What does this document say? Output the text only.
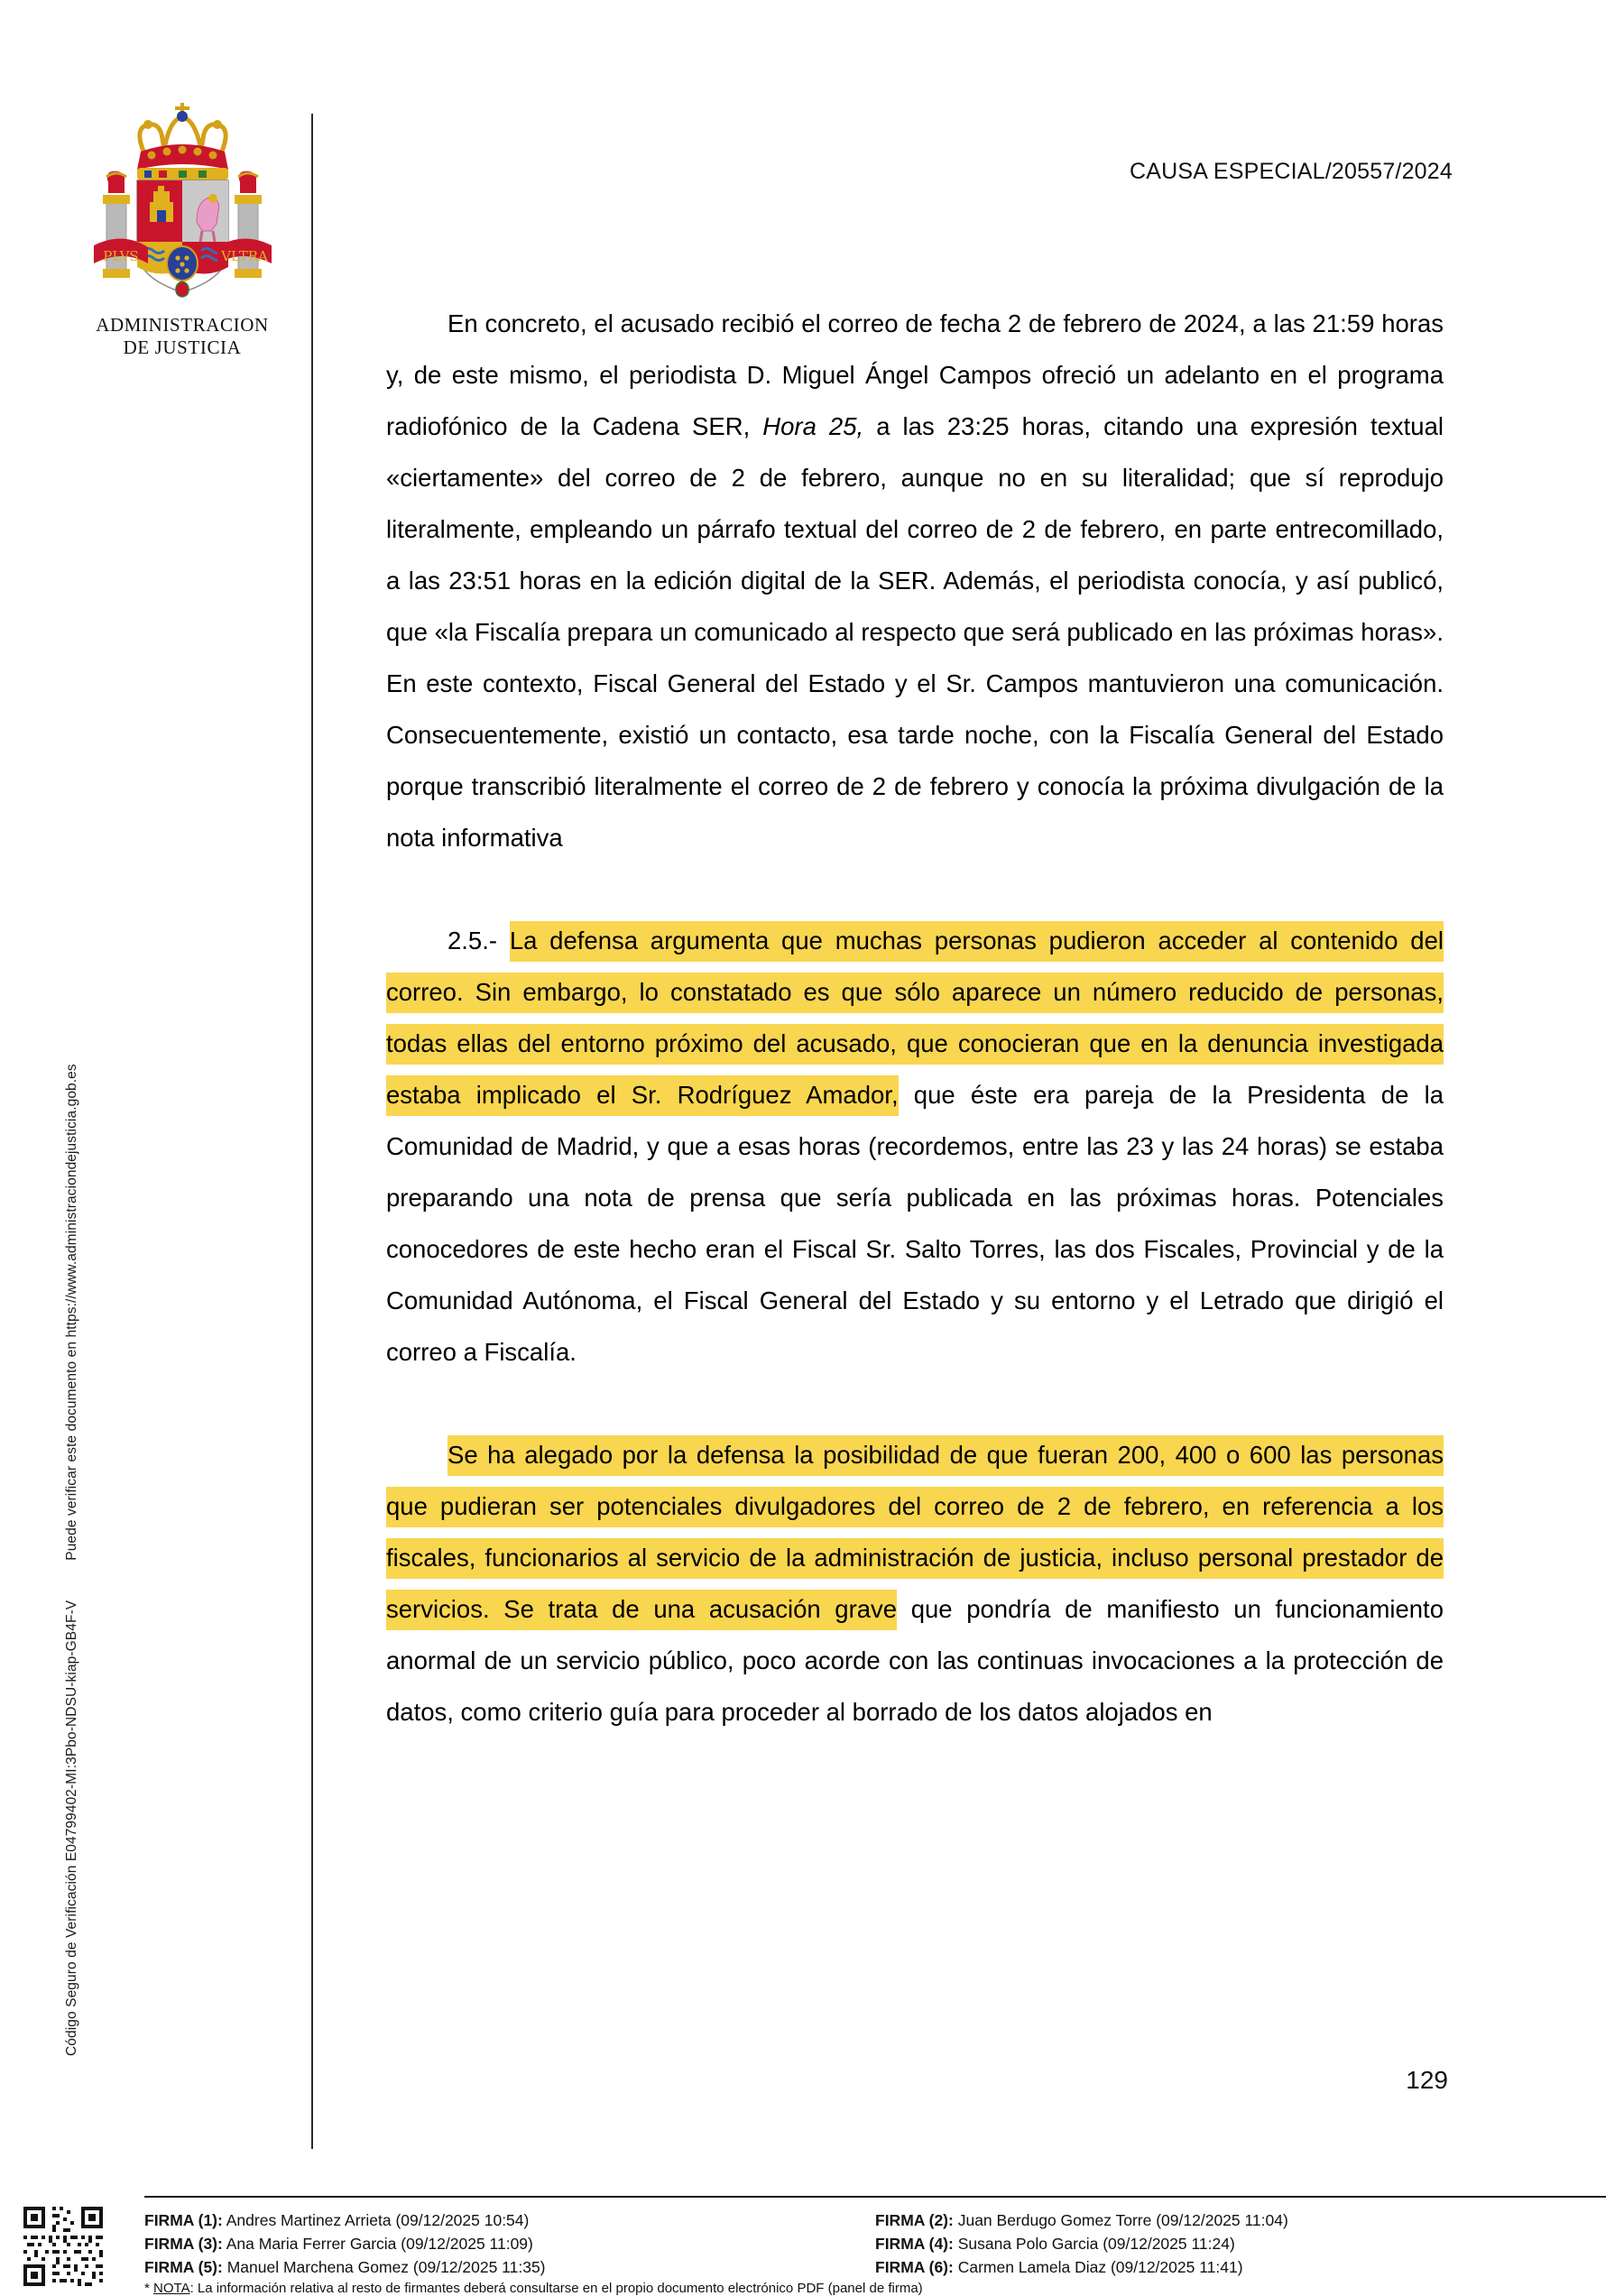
Código Seguro de Verificación E04799402-MI:3Pbo-NDSU-kiap-GB4F-VPuede verificar este documento en https://www.administraciondejusticia.gob.es
PLVS	VLTRA
ADMINISTRACION
DE JUSTICIA
CAUSA ESPECIAL/20557/2024

En concreto, el acusado recibió el correo de fecha 2 de febrero de 2024, a las 21:59 horas y, de este mismo, el periodista D. Miguel Ángel Campos ofreció un adelanto en el programa radiofónico de la Cadena SER, Hora 25, a las 23:25 horas, citando una expresión textual «ciertamente» del correo de 2 de febrero, aunque no en su literalidad; que sí reprodujo literalmente, empleando un párrafo textual del correo de 2 de febrero, en parte entrecomillado, a las 23:51 horas en la edición digital de la SER. Además, el periodista conocía, y así publicó, que «la Fiscalía prepara un comunicado al respecto que será publicado en las próximas horas». En este contexto, Fiscal General del Estado y el Sr. Campos mantuvieron una comunicación. Consecuentemente, existió un contacto, esa tarde noche, con la Fiscalía General del Estado porque transcribió literalmente el correo de 2 de febrero y conocía la próxima divulgación de la nota informativa

2.5.- La defensa argumenta que muchas personas pudieron acceder al contenido del correo. Sin embargo, lo constatado es que sólo aparece un número reducido de personas, todas ellas del entorno próximo del acusado, que conocieran que en la denuncia investigada estaba implicado el Sr. Rodríguez Amador, que éste era pareja de la Presidenta de la Comunidad de Madrid, y que a esas horas (recordemos, entre las 23 y las 24 horas) se estaba preparando una nota de prensa que sería publicada en las próximas horas. Potenciales conocedores de este hecho eran el Fiscal Sr. Salto Torres, las dos Fiscales, Provincial y de la Comunidad Autónoma, el Fiscal General del Estado y su entorno y el Letrado que dirigió el correo a Fiscalía.

Se ha alegado por la defensa la posibilidad de que fueran 200, 400 o 600 las personas que pudieran ser potenciales divulgadores del correo de 2 de febrero, en referencia a los fiscales, funcionarios al servicio de la administración de justicia, incluso personal prestador de servicios. Se trata de una acusación grave que pondría de manifiesto un funcionamiento anormal de un servicio público, poco acorde con las continuas invocaciones a la protección de datos, como criterio guía para proceder al borrado de los datos alojados en

129
FIRMA (1): Andres Martinez Arrieta (09/12/2025 10:54)
FIRMA (3): Ana Maria Ferrer Garcia (09/12/2025 11:09)
FIRMA (5): Manuel Marchena Gomez (09/12/2025 11:35)
FIRMA (2): Juan Berdugo Gomez Torre (09/12/2025 11:04)
FIRMA (4): Susana Polo Garcia (09/12/2025 11:24)
FIRMA (6): Carmen Lamela Diaz (09/12/2025 11:41)
* NOTA: La información relativa al resto de firmantes deberá consultarse en el propio documento electrónico PDF (panel de firma)
